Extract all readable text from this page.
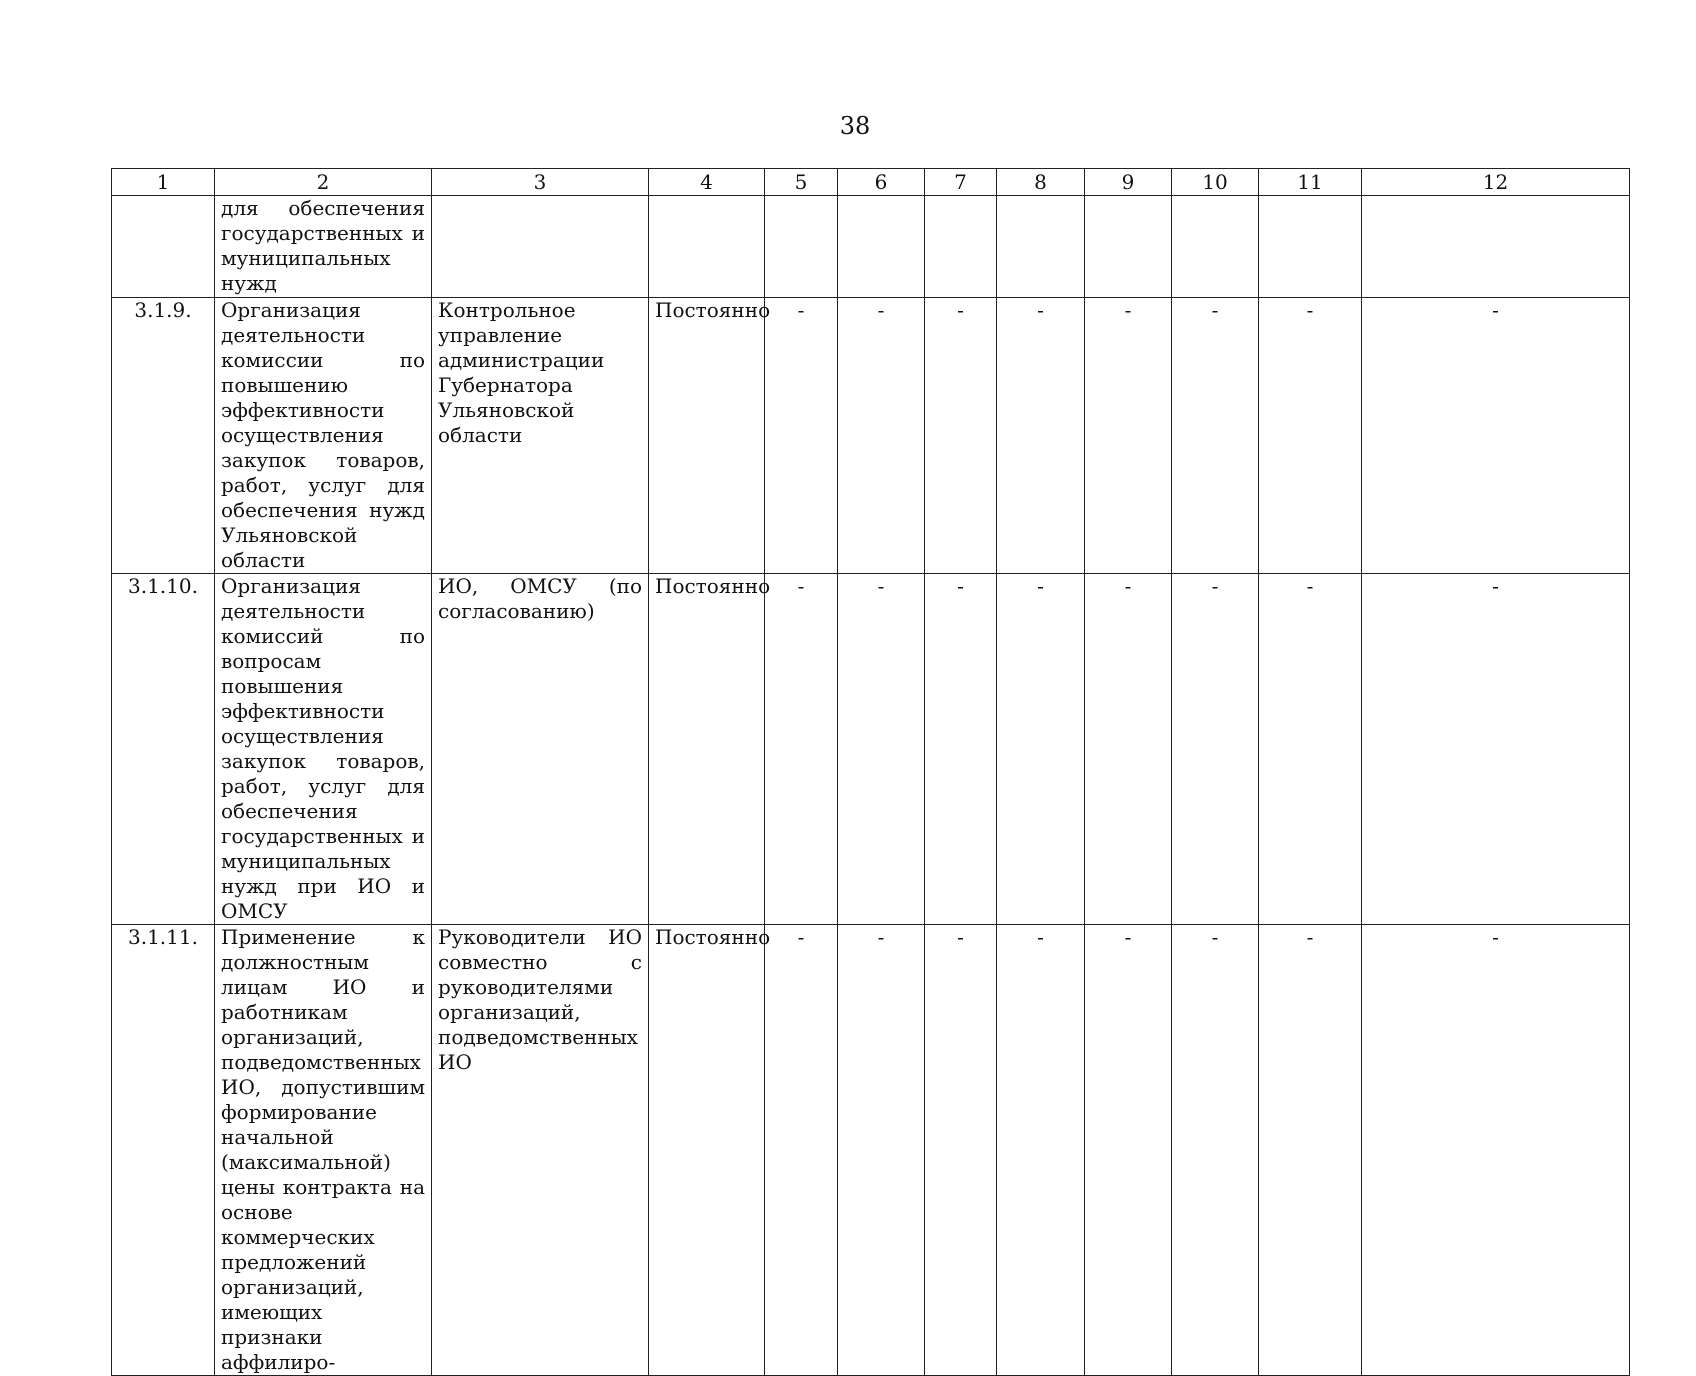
38
1	2	3	4	5	6	7	8	9	10	11	12
	для обеспечения государственных и муниципальных нужд										
3.1.9.	Организация деятельности комиссии по повышению эффективности осуществления закупок товаров, работ, услуг для обеспечения нужд Ульяновской области	Контрольное управление администрации Губернатора Ульяновской области	Постоянно	-	-	-	-	-	-	-	-
3.1.10.	Организация деятельности комиссий по вопросам повышения эффективности осуществления закупок товаров, работ, услуг для обеспечения государственных и муниципальных нужд при ИО и ОМСУ	ИО, ОМСУ (по согласованию)	Постоянно	-	-	-	-	-	-	-	-
3.1.11.	Применение к должностным лицам ИО и работникам организаций, подведомственных ИО, допустившим формирование начальной (максимальной) цены контракта на основе коммерческих предложений организаций, имеющих признаки аффилиро-	Руководители ИО совместно с руководителями организаций, подведомственных ИО	Постоянно	-	-	-	-	-	-	-	-
